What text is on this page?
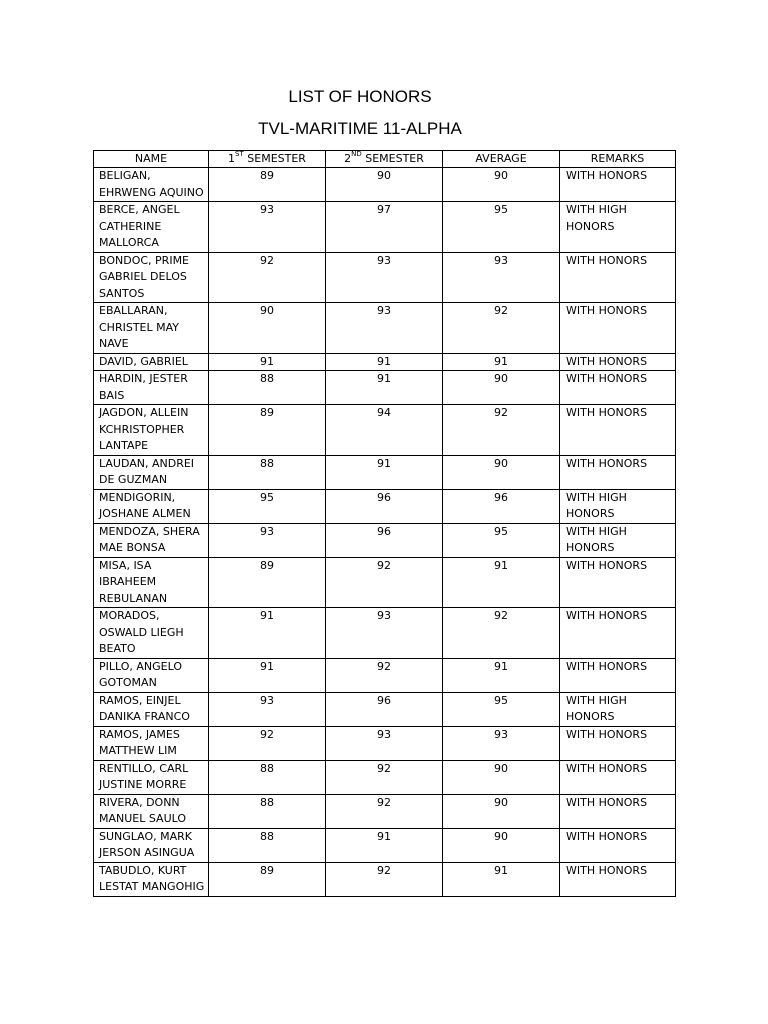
LIST OF HONORS
TVL-MARITIME 11-ALPHA
NAME	1ST SEMESTER	2ND SEMESTER	AVERAGE	REMARKS
BELIGAN, EHRWENG AQUINO	89	90	90	WITH HONORS
BERCE, ANGEL CATHERINE MALLORCA	93	97	95	WITH HIGH HONORS
BONDOC, PRIME GABRIEL DELOS SANTOS	92	93	93	WITH HONORS
EBALLARAN, CHRISTEL MAY NAVE	90	93	92	WITH HONORS
DAVID, GABRIEL	91	91	91	WITH HONORS
HARDIN, JESTER BAIS	88	91	90	WITH HONORS
JAGDON, ALLEIN KCHRISTOPHER LANTAPE	89	94	92	WITH HONORS
LAUDAN, ANDREI DE GUZMAN	88	91	90	WITH HONORS
MENDIGORIN, JOSHANE ALMEN	95	96	96	WITH HIGH HONORS
MENDOZA, SHERA MAE BONSA	93	96	95	WITH HIGH HONORS
MISA, ISA IBRAHEEM REBULANAN	89	92	91	WITH HONORS
MORADOS, OSWALD LIEGH BEATO	91	93	92	WITH HONORS
PILLO, ANGELO GOTOMAN	91	92	91	WITH HONORS
RAMOS, EINJEL DANIKA FRANCO	93	96	95	WITH HIGH HONORS
RAMOS, JAMES MATTHEW LIM	92	93	93	WITH HONORS
RENTILLO, CARL JUSTINE MORRE	88	92	90	WITH HONORS
RIVERA, DONN MANUEL SAULO	88	92	90	WITH HONORS
SUNGLAO, MARK JERSON ASINGUA	88	91	90	WITH HONORS
TABUDLO, KURT LESTAT MANGOHIG	89	92	91	WITH HONORS
